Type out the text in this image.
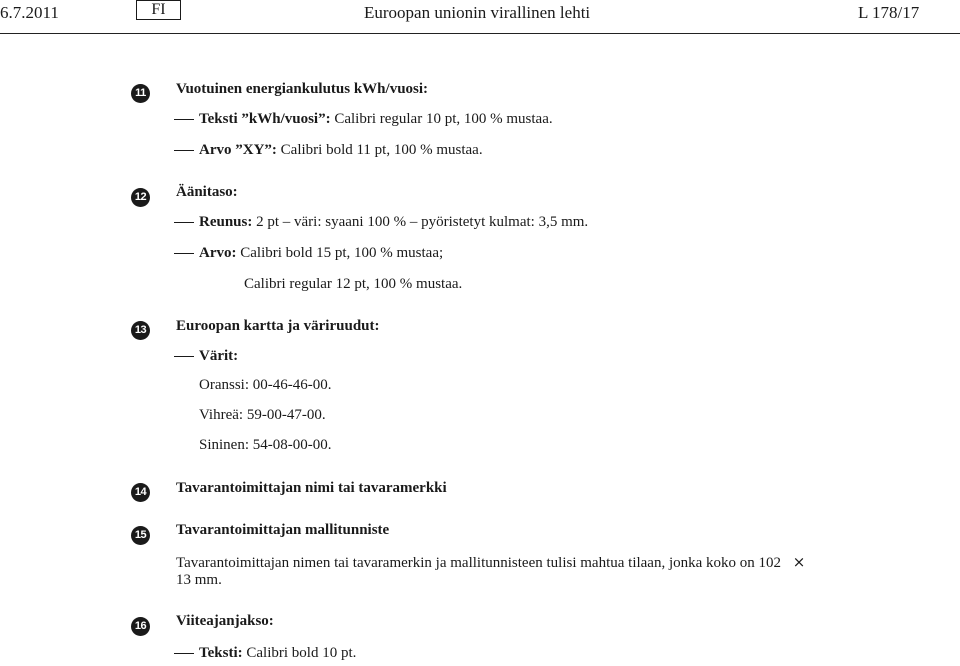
6.7.2011	FI	Euroopan unionin virallinen lehti	L 178/17
11 Vuotuinen energiankulutus kWh/vuosi:
Teksti ”kWh/vuosi”: Calibri regular 10 pt, 100 % mustaa.
Arvo ”XY”: Calibri bold 11 pt, 100 % mustaa.
12 Äänitaso:
Reunus: 2 pt – väri: syaani 100 % – pyöristetyt kulmat: 3,5 mm.
Arvo: Calibri bold 15 pt, 100 % mustaa;
Calibri regular 12 pt, 100 % mustaa.
13 Euroopan kartta ja väriruudut:
Värit:
Oranssi: 00-46-46-00.
Vihreä: 59-00-47-00.
Sininen: 54-08-00-00.
14 Tavarantoimittajan nimi tai tavaramerkki
15 Tavarantoimittajan mallitunniste
Tavarantoimittajan nimen tai tavaramerkin ja mallitunnisteen tulisi mahtua tilaan, jonka koko on 102 ×
13 mm.
16 Viiteajanjakso:
Teksti: Calibri bold 10 pt.
